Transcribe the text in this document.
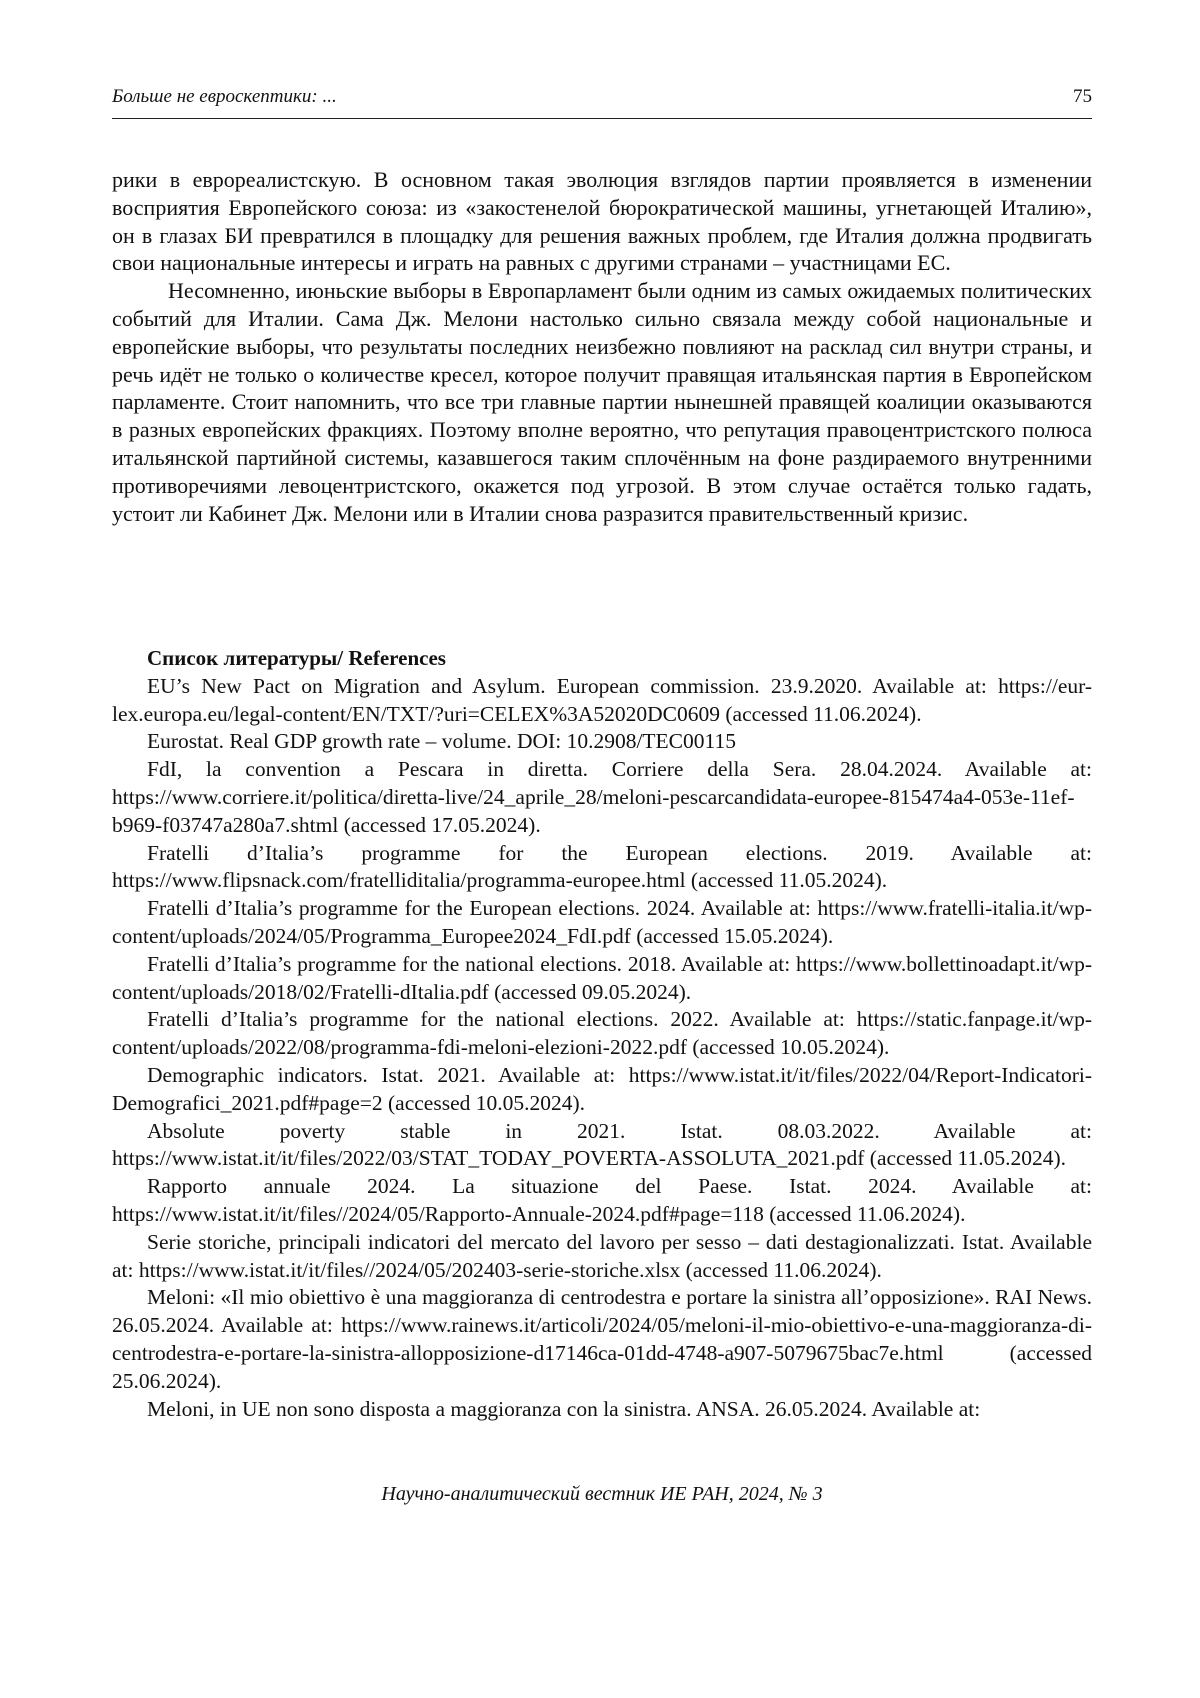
Больше не евроскептики: ...	75

рики в еврореалистскую. В основном такая эволюция взглядов партии проявляется в изменении восприятия Европейского союза: из «закостенелой бюрократической машины, угнетающей Италию», он в глазах БИ превратился в площадку для решения важных проблем, где Италия должна продвигать свои национальные интересы и играть на равных с другими странами – участницами ЕС.

Несомненно, июньские выборы в Европарламент были одним из самых ожидаемых политических событий для Италии. Сама Дж. Мелони настолько сильно связала между собой национальные и европейские выборы, что результаты последних неизбежно повлияют на расклад сил внутри страны, и речь идёт не только о количестве кресел, которое получит правящая итальянская партия в Европейском парламенте. Стоит напомнить, что все три главные партии нынешней правящей коалиции оказываются в разных европейских фракциях. Поэтому вполне вероятно, что репутация правоцентристского полюса итальянской партийной системы, казавшегося таким сплочённым на фоне раздираемого внутренними противоречиями левоцентристского, окажется под угрозой. В этом случае остаётся только гадать, устоит ли Кабинет Дж. Мелони или в Италии снова разразится правительственный кризис.

Список литературы/ References

EU’s New Pact on Migration and Asylum. European commission. 23.9.2020. Available at: https://eur-lex.europa.eu/legal-content/EN/TXT/?uri=CELEX%3A52020DC0609 (accessed 11.06.2024).

Eurostat. Real GDP growth rate – volume. DOI: 10.2908/TEC00115

FdI, la convention a Pescara in diretta. Corriere della Sera. 28.04.2024. Available at: https://www.corriere.it/politica/diretta-live/24_aprile_28/meloni-pescarcandidata-europee-815474a4-053e-11ef-b969-f03747a280a7.shtml (accessed 17.05.2024).

Fratelli d’Italia’s programme for the European elections. 2019. Available at: https://www.flipsnack.com/fratelliditalia/programma-europee.html (accessed 11.05.2024).

Fratelli d’Italia’s programme for the European elections. 2024. Available at: https://www.fratelli-italia.it/wp-content/uploads/2024/05/Programma_Europee2024_FdI.pdf (accessed 15.05.2024).

Fratelli d’Italia’s programme for the national elections. 2018. Available at: https://www.bollettinoadapt.it/wp-content/uploads/2018/02/Fratelli-dItalia.pdf (accessed 09.05.2024).

Fratelli d’Italia’s programme for the national elections. 2022. Available at: https://static.fanpage.it/wp-content/uploads/2022/08/programma-fdi-meloni-elezioni-2022.pdf (accessed 10.05.2024).

Demographic indicators. Istat. 2021. Available at: https://www.istat.it/it/files/2022/04/Report-Indicatori-Demografici_2021.pdf#page=2 (accessed 10.05.2024).

Absolute poverty stable in 2021. Istat. 08.03.2022. Available at: https://www.istat.it/it/files/2022/03/STAT_TODAY_POVERTA-ASSOLUTA_2021.pdf (accessed 11.05.2024).

Rapporto annuale 2024. La situazione del Paese. Istat. 2024. Available at: https://www.istat.it/it/files//2024/05/Rapporto-Annuale-2024.pdf#page=118 (accessed 11.06.2024).

Serie storiche, principali indicatori del mercato del lavoro per sesso – dati destagionalizzati. Istat. Available at: https://www.istat.it/it/files//2024/05/202403-serie-storiche.xlsx (accessed 11.06.2024).

Meloni: «Il mio obiettivo è una maggioranza di centrodestra e portare la sinistra all’opposizione». RAI News. 26.05.2024. Available at: https://www.rainews.it/articoli/2024/05/meloni-il-mio-obiettivo-e-una-maggioranza-di-centrodestra-e-portare-la-sinistra-allopposizione-d17146ca-01dd-4748-a907-5079675bac7e.html (accessed 25.06.2024).

Meloni, in UE non sono disposta a maggioranza con la sinistra. ANSA. 26.05.2024. Available at:

Научно-аналитический вестник ИЕ РАН, 2024, № 3
